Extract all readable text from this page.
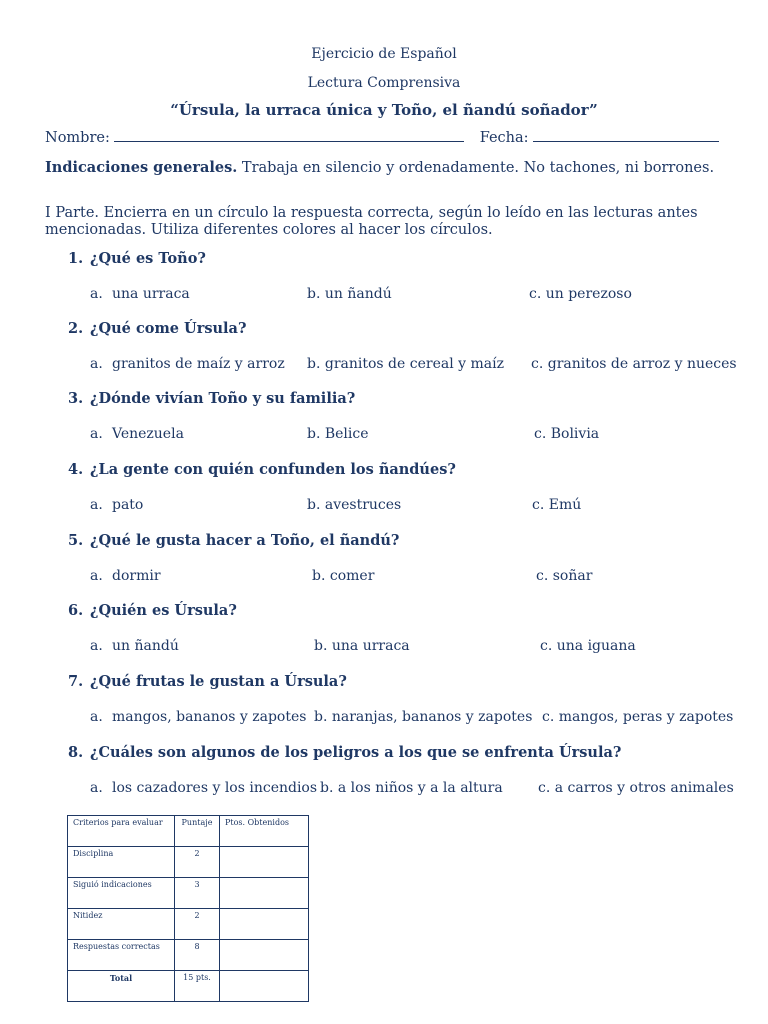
Ejercicio de Español
Lectura Comprensiva
“Úrsula, la urraca única y Toño, el ñandú soñador”
Nombre:	Fecha:
Indicaciones generales. Trabaja en silencio y ordenadamente. No tachones, ni borrones.
I Parte. Encierra en un círculo la respuesta correcta, según lo leído en las lecturas antes mencionadas. Utiliza diferentes colores al hacer los círculos.
1. ¿Qué es Toño?
a. una urraca	b. un ñandú	c. un perezoso
2. ¿Qué come Úrsula?
a. granitos de maíz y arroz b. granitos de cereal y maíz c. granitos de arroz y nueces
3. ¿Dónde vivían Toño y su familia?
a. Venezuela	b. Belice	c. Bolivia
4. ¿La gente con quién confunden los ñandúes?
a. pato	b. avestruces	c. Emú
5. ¿Qué le gusta hacer a Toño, el ñandú?
a. dormir	b. comer	c. soñar
6. ¿Quién es Úrsula?
a. un ñandú	b. una urraca	c. una iguana
7. ¿Qué frutas le gustan a Úrsula?
a. mangos, bananos y zapotes b. naranjas, bananos y zapotes c. mangos, peras y zapotes
8. ¿Cuáles son algunos de los peligros a los que se enfrenta Úrsula?
a. los cazadores y los incendios b. a los niños y a la altura	c. a carros y otros animales
Criterios para evaluar	Puntaje	Ptos. Obtenidos
Disciplina	2	
Siguió indicaciones	3	
Nitidez	2	
Respuestas correctas	8	
Total	15 pts.	
